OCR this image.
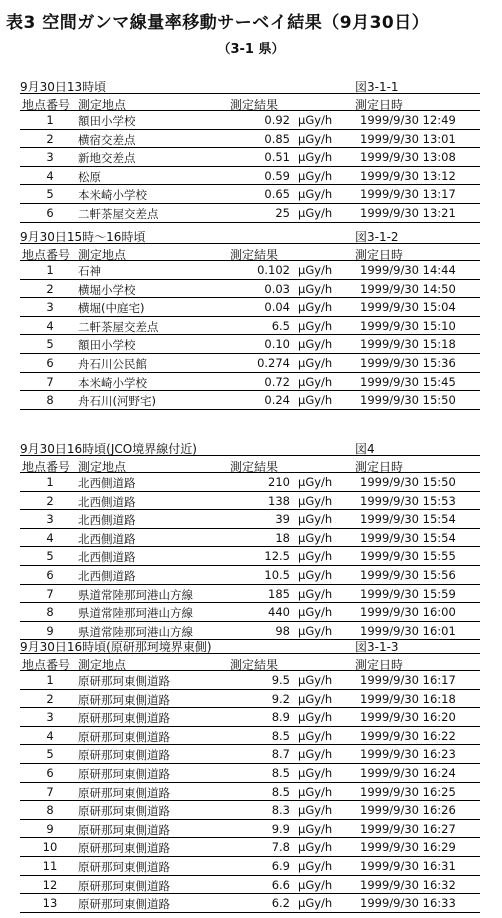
表3 空間ガンマ線量率移動サーベイ結果（9月30日）
（3-1 県）
9月30日13時頃	図3-1-1
地点番号 測定地点	測定結果	測定日時
1	額田小学校	0.92 μGy/h 1999/9/30 12:49
2	横宿交差点	0.85 μGy/h 1999/9/30 13:01
3	新地交差点	0.51 μGy/h 1999/9/30 13:08
4	松原	0.59 μGy/h 1999/9/30 13:12
5	本米崎小学校	0.65 μGy/h 1999/9/30 13:17
6	二軒茶屋交差点	25 μGy/h 1999/9/30 13:21
9月30日15時～16時頃	図3-1-2
地点番号 測定地点	測定結果	測定日時
1	石神	0.102 μGy/h 1999/9/30 14:44
2	横堀小学校	0.03 μGy/h 1999/9/30 14:50
3	横堀(中庭宅)	0.04 μGy/h 1999/9/30 15:04
4	二軒茶屋交差点	6.5 μGy/h 1999/9/30 15:10
5	額田小学校	0.10 μGy/h 1999/9/30 15:18
6	舟石川公民館	0.274 μGy/h 1999/9/30 15:36
7	本米崎小学校	0.72 μGy/h 1999/9/30 15:45
8	舟石川(河野宅)	0.24 μGy/h 1999/9/30 15:50
9月30日16時頃(JCO境界線付近)	図4
地点番号 測定地点	測定結果	測定日時
1	北西側道路	210 μGy/h 1999/9/30 15:50
2	北西側道路	138 μGy/h 1999/9/30 15:53
3	北西側道路	39 μGy/h 1999/9/30 15:54
4	北西側道路	18 μGy/h 1999/9/30 15:54
5	北西側道路	12.5 μGy/h 1999/9/30 15:55
6	北西側道路	10.5 μGy/h 1999/9/30 15:56
7	県道常陸那珂港山方線	185 μGy/h 1999/9/30 15:59
8	県道常陸那珂港山方線	440 μGy/h 1999/9/30 16:00
9	県道常陸那珂港山方線	98 μGy/h 1999/9/30 16:01
9月30日16時頃(原研那珂境界東側)	図3-1-3
地点番号 測定地点	測定結果	測定日時
1	原研那珂東側道路	9.5 μGy/h 1999/9/30 16:17
2	原研那珂東側道路	9.2 μGy/h 1999/9/30 16:18
3	原研那珂東側道路	8.9 μGy/h 1999/9/30 16:20
4	原研那珂東側道路	8.5 μGy/h 1999/9/30 16:22
5	原研那珂東側道路	8.7 μGy/h 1999/9/30 16:23
6	原研那珂東側道路	8.5 μGy/h 1999/9/30 16:24
7	原研那珂東側道路	8.5 μGy/h 1999/9/30 16:25
8	原研那珂東側道路	8.3 μGy/h 1999/9/30 16:26
9	原研那珂東側道路	9.9 μGy/h 1999/9/30 16:27
10 原研那珂東側道路	7.8 μGy/h 1999/9/30 16:29
11 原研那珂東側道路	6.9 μGy/h 1999/9/30 16:31
12 原研那珂東側道路	6.6 μGy/h 1999/9/30 16:32
13 原研那珂東側道路	6.2 μGy/h 1999/9/30 16:33
